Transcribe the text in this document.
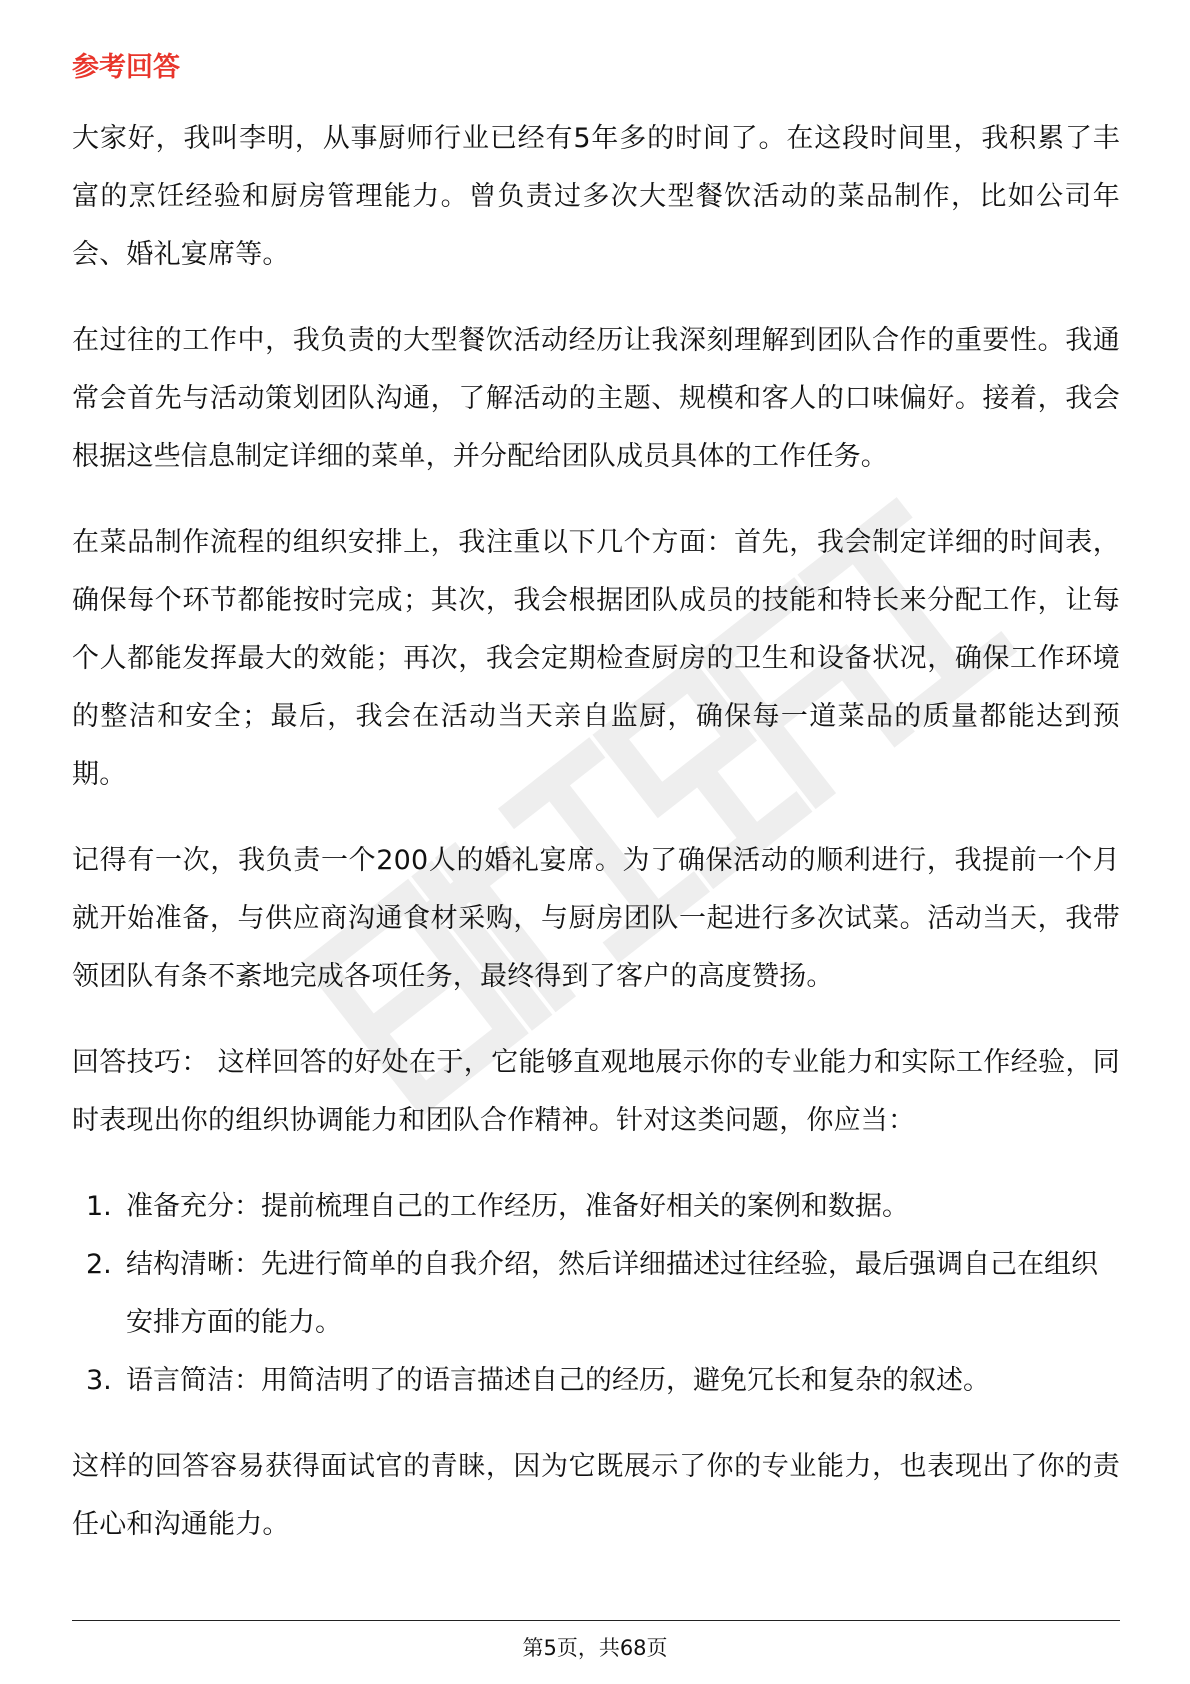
参考回答

大家好，我叫李明，从事厨师行业已经有5年多的时间了。在这段时间里，我积累了丰富的烹饪经验和厨房管理能力。曾负责过多次大型餐饮活动的菜品制作，比如公司年会、婚礼宴席等。

在过往的工作中，我负责的大型餐饮活动经历让我深刻理解到团队合作的重要性。我通常会首先与活动策划团队沟通，了解活动的主题、规模和客人的口味偏好。接着，我会根据这些信息制定详细的菜单，并分配给团队成员具体的工作任务。

在菜品制作流程的组织安排上，我注重以下几个方面：首先，我会制定详细的时间表，确保每个环节都能按时完成；其次，我会根据团队成员的技能和特长来分配工作，让每个人都能发挥最大的效能；再次，我会定期检查厨房的卫生和设备状况，确保工作环境的整洁和安全；最后，我会在活动当天亲自监厨，确保每一道菜品的质量都能达到预期。

记得有一次，我负责一个200人的婚礼宴席。为了确保活动的顺利进行，我提前一个月就开始准备，与供应商沟通食材采购，与厨房团队一起进行多次试菜。活动当天，我带领团队有条不紊地完成各项任务，最终得到了客户的高度赞扬。

回答技巧： 这样回答的好处在于，它能够直观地展示你的专业能力和实际工作经验，同时表现出你的组织协调能力和团队合作精神。针对这类问题，你应当：

1. 准备充分：提前梳理自己的工作经历，准备好相关的案例和数据。
2. 结构清晰：先进行简单的自我介绍，然后详细描述过往经验，最后强调自己在组织安排方面的能力。
3. 语言简洁：用简洁明了的语言描述自己的经历，避免冗长和复杂的叙述。

这样的回答容易获得面试官的青睐，因为它既展示了你的专业能力，也表现出了你的责任心和沟通能力。

第5页，共68页
